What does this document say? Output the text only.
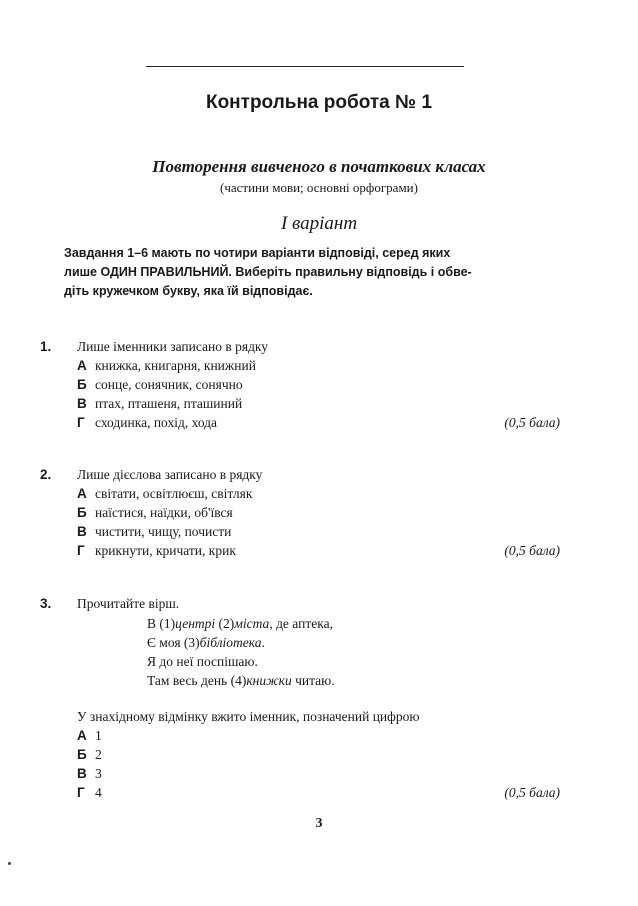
Контрольна робота № 1
Повторення вивченого в початкових класах
(частини мови; основні орфограми)
I варіант
Завдання 1–6 мають по чотири варіанти відповіді, серед яких
лише ОДИН ПРАВИЛЬНИЙ. Виберіть правильну відповідь і обве-
діть кружечком букву, яка їй відповідає.
1. Лише іменники записано в рядку
А книжка, книгарня, книжний
Б сонце, сонячник, сонячно
В птах, пташеня, пташиний
Г сходинка, похід, хода	(0,5 бала)
2. Лише дієслова записано в рядку
А світати, освітлюєш, світляк
Б наїстися, наїдки, об'ївся
В чистити, чищу, почисти
Г крикнути, кричати, крик	(0,5 бала)
3. Прочитайте вірш.
В (1)центрі (2)міста, де аптека,
Є моя (3)бібліотека.
Я до неї поспішаю.
Там весь день (4)книжки читаю.
У знахідному відмінку вжито іменник, позначений цифрою
А 1
Б 2
В 3
Г 4	(0,5 бала)
3
